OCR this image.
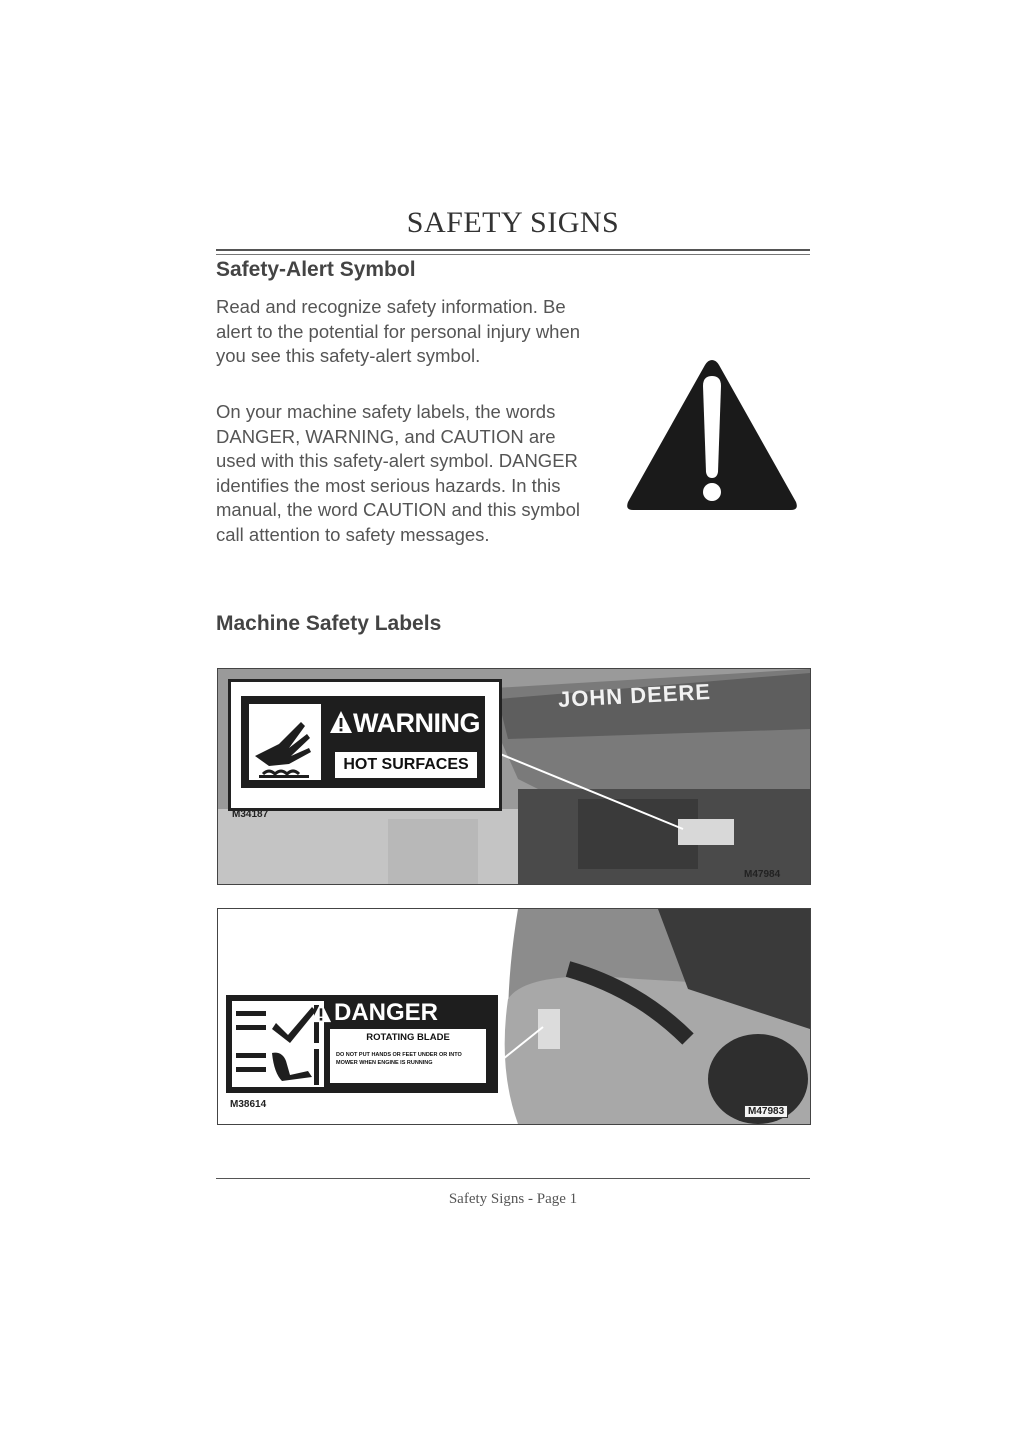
SAFETY SIGNS
Safety-Alert Symbol
Read and recognize safety information. Be alert to the potential for personal injury when you see this safety-alert symbol.
On your machine safety labels, the words DANGER, WARNING, and CAUTION are used with this safety-alert symbol. DANGER identifies the most serious hazards. In this manual, the word CAUTION and this symbol call attention to safety messages.
Machine Safety Labels
JOHN DEERE
WARNING
HOT SURFACES
M34187
M47984
DANGER
ROTATING BLADE
DO NOT PUT HANDS OR FEET UNDER OR INTO MOWER WHEN ENGINE IS RUNNING
M38614
M47983
Safety Signs - Page 1
